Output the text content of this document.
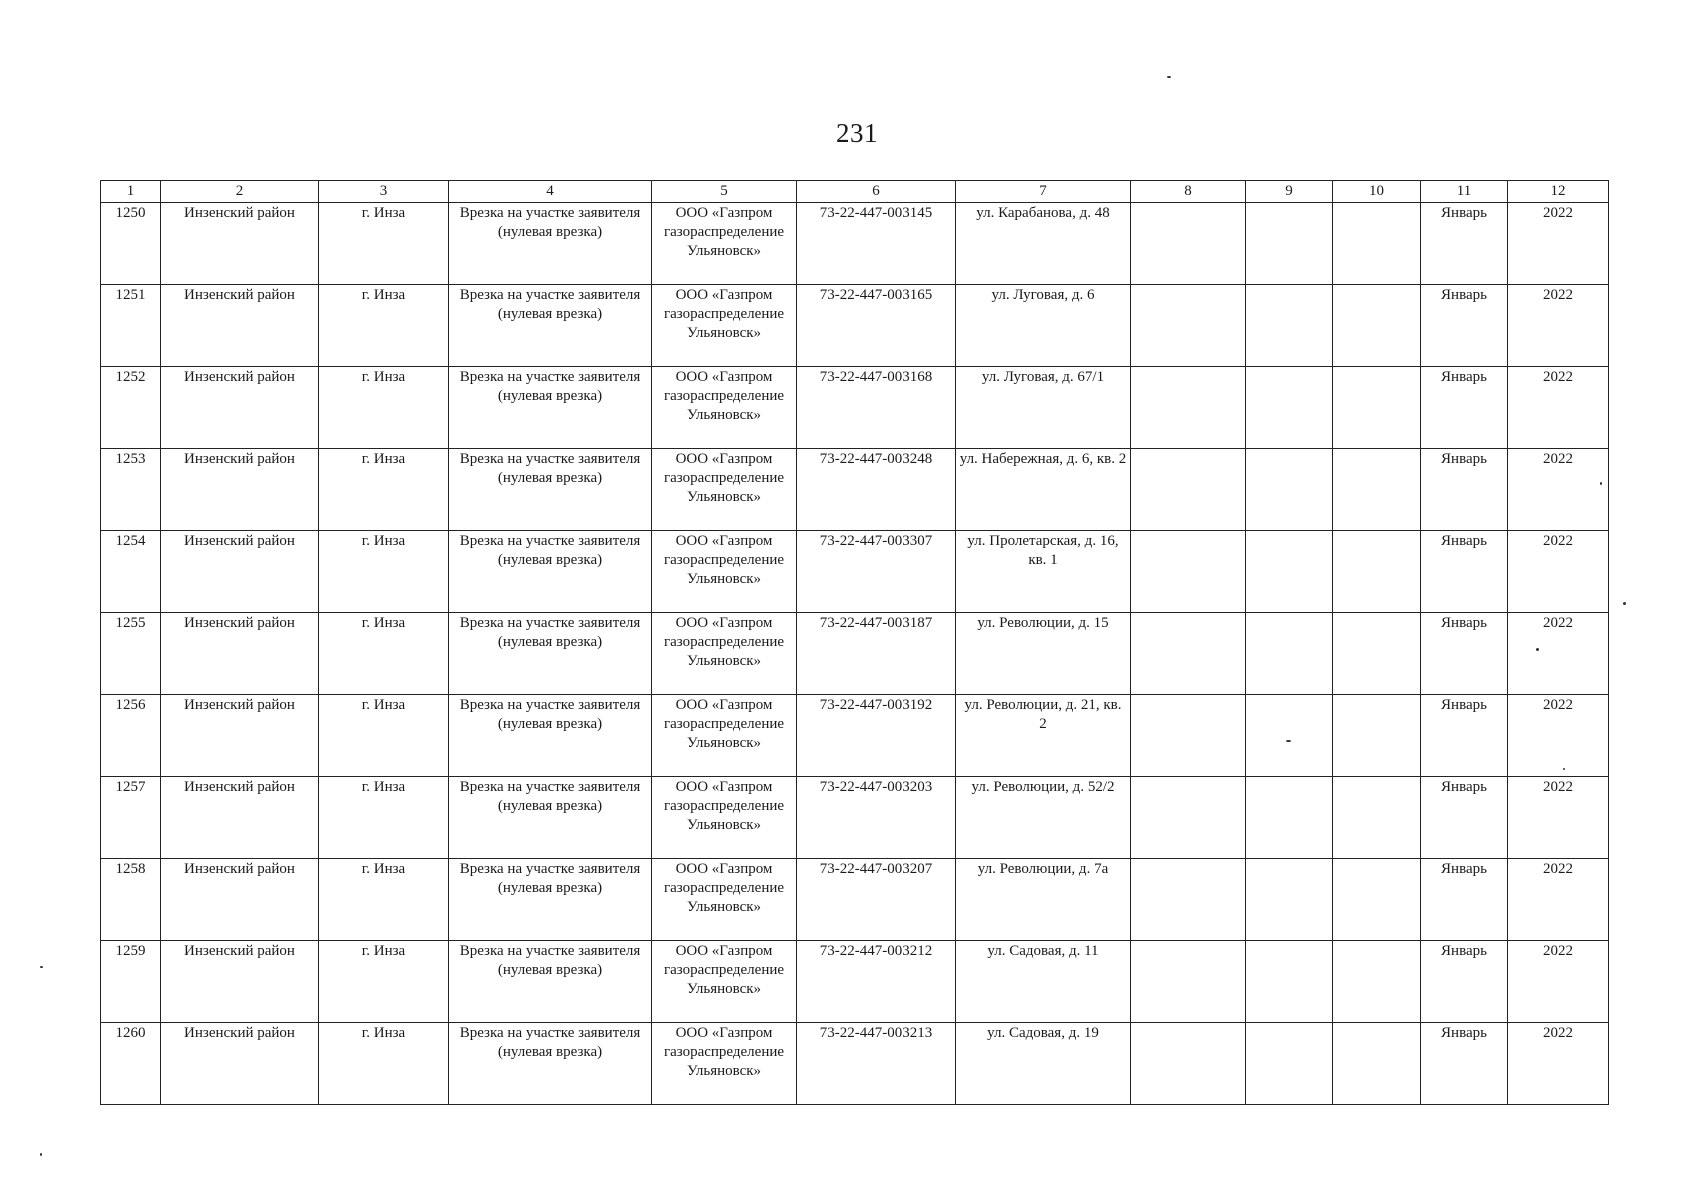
231
1	2	3	4	5	6	7	8	9	10	11	12
1250	Инзенский район	г. Инза	Врезка на участке заявителя (нулевая врезка)	ООО «Газпром газораспределение Ульяновск»	73-22-447-003145	ул. Карабанова, д. 48				Январь	2022
1251	Инзенский район	г. Инза	Врезка на участке заявителя (нулевая врезка)	ООО «Газпром газораспределение Ульяновск»	73-22-447-003165	ул. Луговая, д. 6				Январь	2022
1252	Инзенский район	г. Инза	Врезка на участке заявителя (нулевая врезка)	ООО «Газпром газораспределение Ульяновск»	73-22-447-003168	ул. Луговая, д. 67/1				Январь	2022
1253	Инзенский район	г. Инза	Врезка на участке заявителя (нулевая врезка)	ООО «Газпром газораспределение Ульяновск»	73-22-447-003248	ул. Набережная, д. 6, кв. 2				Январь	2022
1254	Инзенский район	г. Инза	Врезка на участке заявителя (нулевая врезка)	ООО «Газпром газораспределение Ульяновск»	73-22-447-003307	ул. Пролетарская, д. 16, кв. 1				Январь	2022
1255	Инзенский район	г. Инза	Врезка на участке заявителя (нулевая врезка)	ООО «Газпром газораспределение Ульяновск»	73-22-447-003187	ул. Революции, д. 15				Январь	2022
1256	Инзенский район	г. Инза	Врезка на участке заявителя (нулевая врезка)	ООО «Газпром газораспределение Ульяновск»	73-22-447-003192	ул. Революции, д. 21, кв. 2				Январь	2022
1257	Инзенский район	г. Инза	Врезка на участке заявителя (нулевая врезка)	ООО «Газпром газораспределение Ульяновск»	73-22-447-003203	ул. Революции, д. 52/2				Январь	2022
1258	Инзенский район	г. Инза	Врезка на участке заявителя (нулевая врезка)	ООО «Газпром газораспределение Ульяновск»	73-22-447-003207	ул. Революции, д. 7а				Январь	2022
1259	Инзенский район	г. Инза	Врезка на участке заявителя (нулевая врезка)	ООО «Газпром газораспределение Ульяновск»	73-22-447-003212	ул. Садовая, д. 11				Январь	2022
1260	Инзенский район	г. Инза	Врезка на участке заявителя (нулевая врезка)	ООО «Газпром газораспределение Ульяновск»	73-22-447-003213	ул. Садовая, д. 19				Январь	2022
